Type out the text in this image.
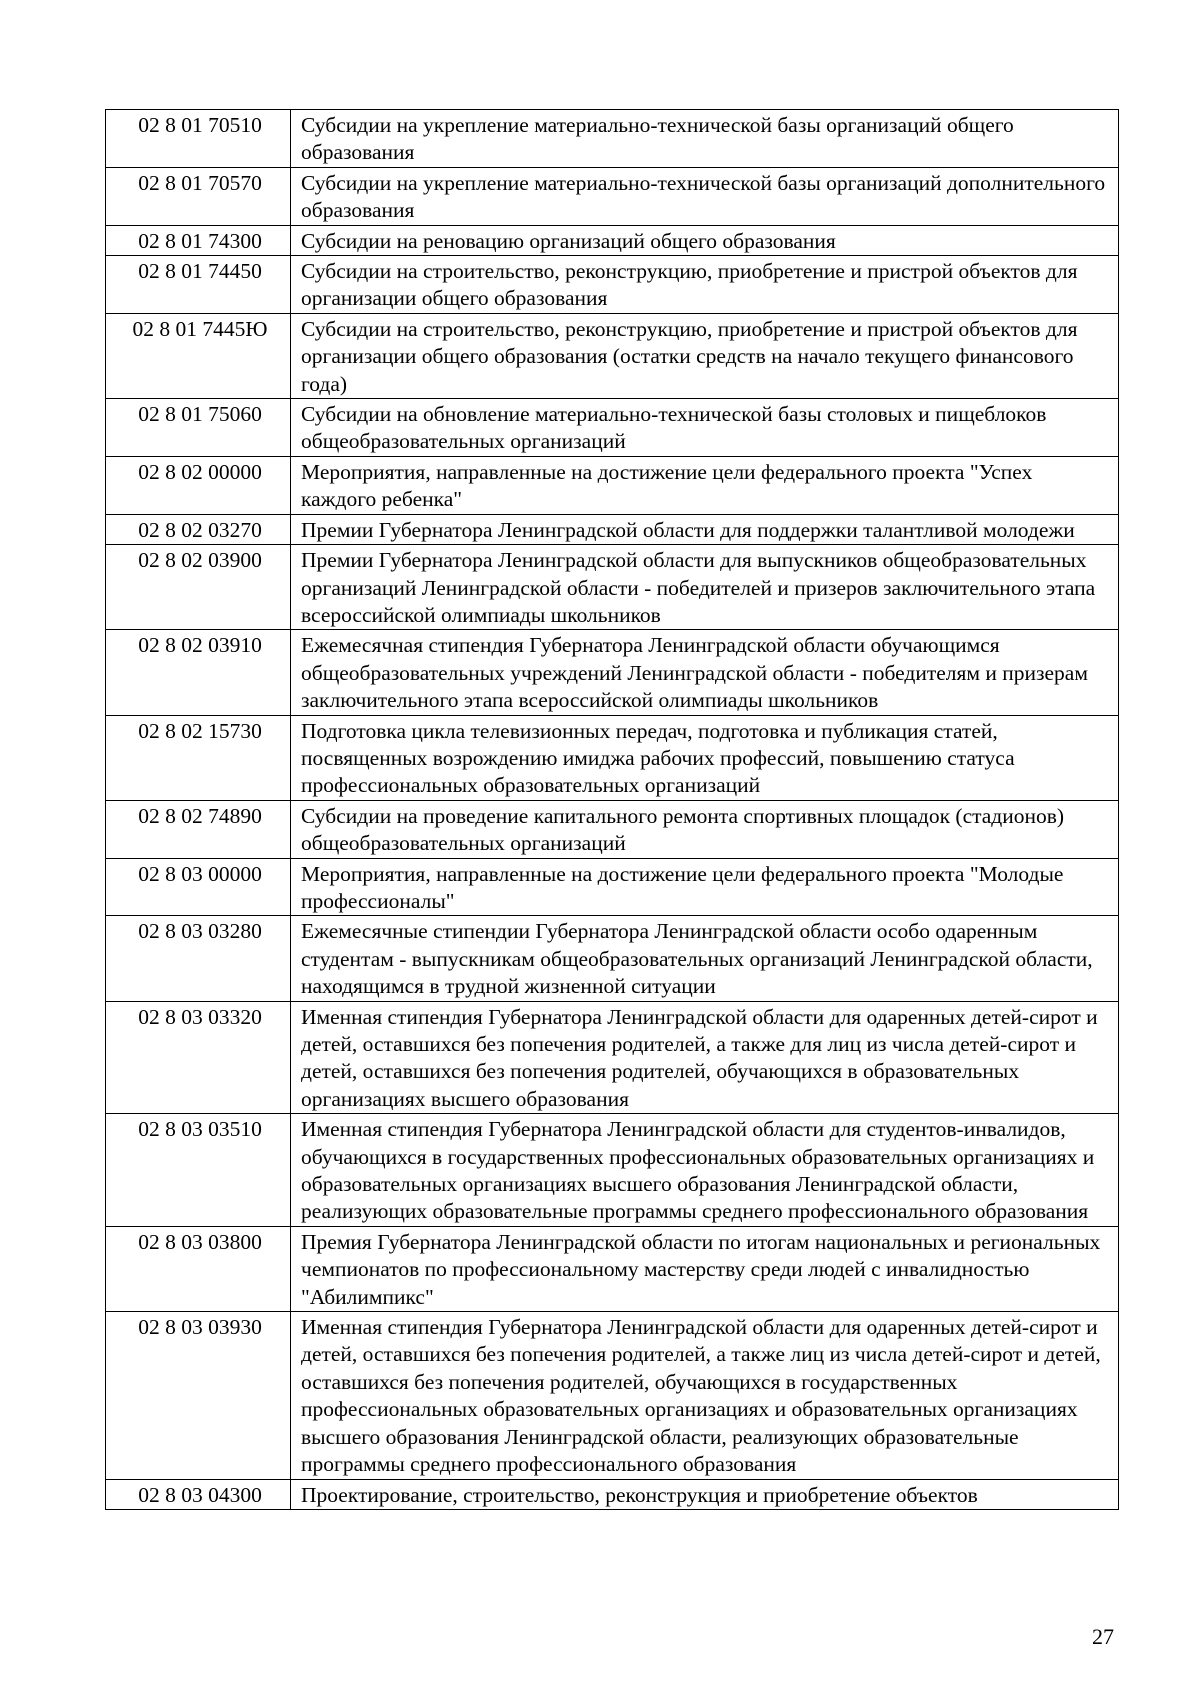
02 8 01 70510	Субсидии на укрепление материально-технической базы организаций общего образования
02 8 01 70570	Субсидии на укрепление материально-технической базы организаций дополнительного образования
02 8 01 74300	Субсидии на реновацию организаций общего образования
02 8 01 74450	Субсидии на строительство, реконструкцию, приобретение и пристрой объектов для организации общего образования
02 8 01 7445Ю	Субсидии на строительство, реконструкцию, приобретение и пристрой объектов для организации общего образования (остатки средств на начало текущего финансового года)
02 8 01 75060	Субсидии на обновление материально-технической базы столовых и пищеблоков общеобразовательных организаций
02 8 02 00000	Мероприятия, направленные на достижение цели федерального проекта "Успех каждого ребенка"
02 8 02 03270	Премии Губернатора Ленинградской области для поддержки талантливой молодежи
02 8 02 03900	Премии Губернатора Ленинградской области для выпускников общеобразовательных организаций Ленинградской области - победителей и призеров заключительного этапа всероссийской олимпиады школьников
02 8 02 03910	Ежемесячная стипендия Губернатора Ленинградской области обучающимся общеобразовательных учреждений Ленинградской области - победителям и призерам заключительного этапа всероссийской олимпиады школьников
02 8 02 15730	Подготовка цикла телевизионных передач, подготовка и публикация статей, посвященных возрождению имиджа рабочих профессий, повышению статуса профессиональных образовательных организаций
02 8 02 74890	Субсидии на проведение капитального ремонта спортивных площадок (стадионов) общеобразовательных организаций
02 8 03 00000	Мероприятия, направленные на достижение цели федерального проекта "Молодые профессионалы"
02 8 03 03280	Ежемесячные стипендии Губернатора Ленинградской области особо одаренным студентам - выпускникам общеобразовательных организаций Ленинградской области, находящимся в трудной жизненной ситуации
02 8 03 03320	Именная стипендия Губернатора Ленинградской области для одаренных детей-сирот и детей, оставшихся без попечения родителей, а также для лиц из числа детей-сирот и детей, оставшихся без попечения родителей, обучающихся в образовательных организациях высшего образования
02 8 03 03510	Именная стипендия Губернатора Ленинградской области для студентов-инвалидов, обучающихся в государственных профессиональных образовательных организациях и образовательных организациях высшего образования Ленинградской области, реализующих образовательные программы среднего профессионального образования
02 8 03 03800	Премия Губернатора Ленинградской области по итогам национальных и региональных чемпионатов по профессиональному мастерству среди людей с инвалидностью "Абилимпикс"
02 8 03 03930	Именная стипендия Губернатора Ленинградской области для одаренных детей-сирот и детей, оставшихся без попечения родителей, а также лиц из числа детей-сирот и детей, оставшихся без попечения родителей, обучающихся в государственных профессиональных образовательных организациях и образовательных организациях высшего образования Ленинградской области, реализующих образовательные программы среднего профессионального образования
02 8 03 04300	Проектирование, строительство, реконструкция и приобретение объектов
27
